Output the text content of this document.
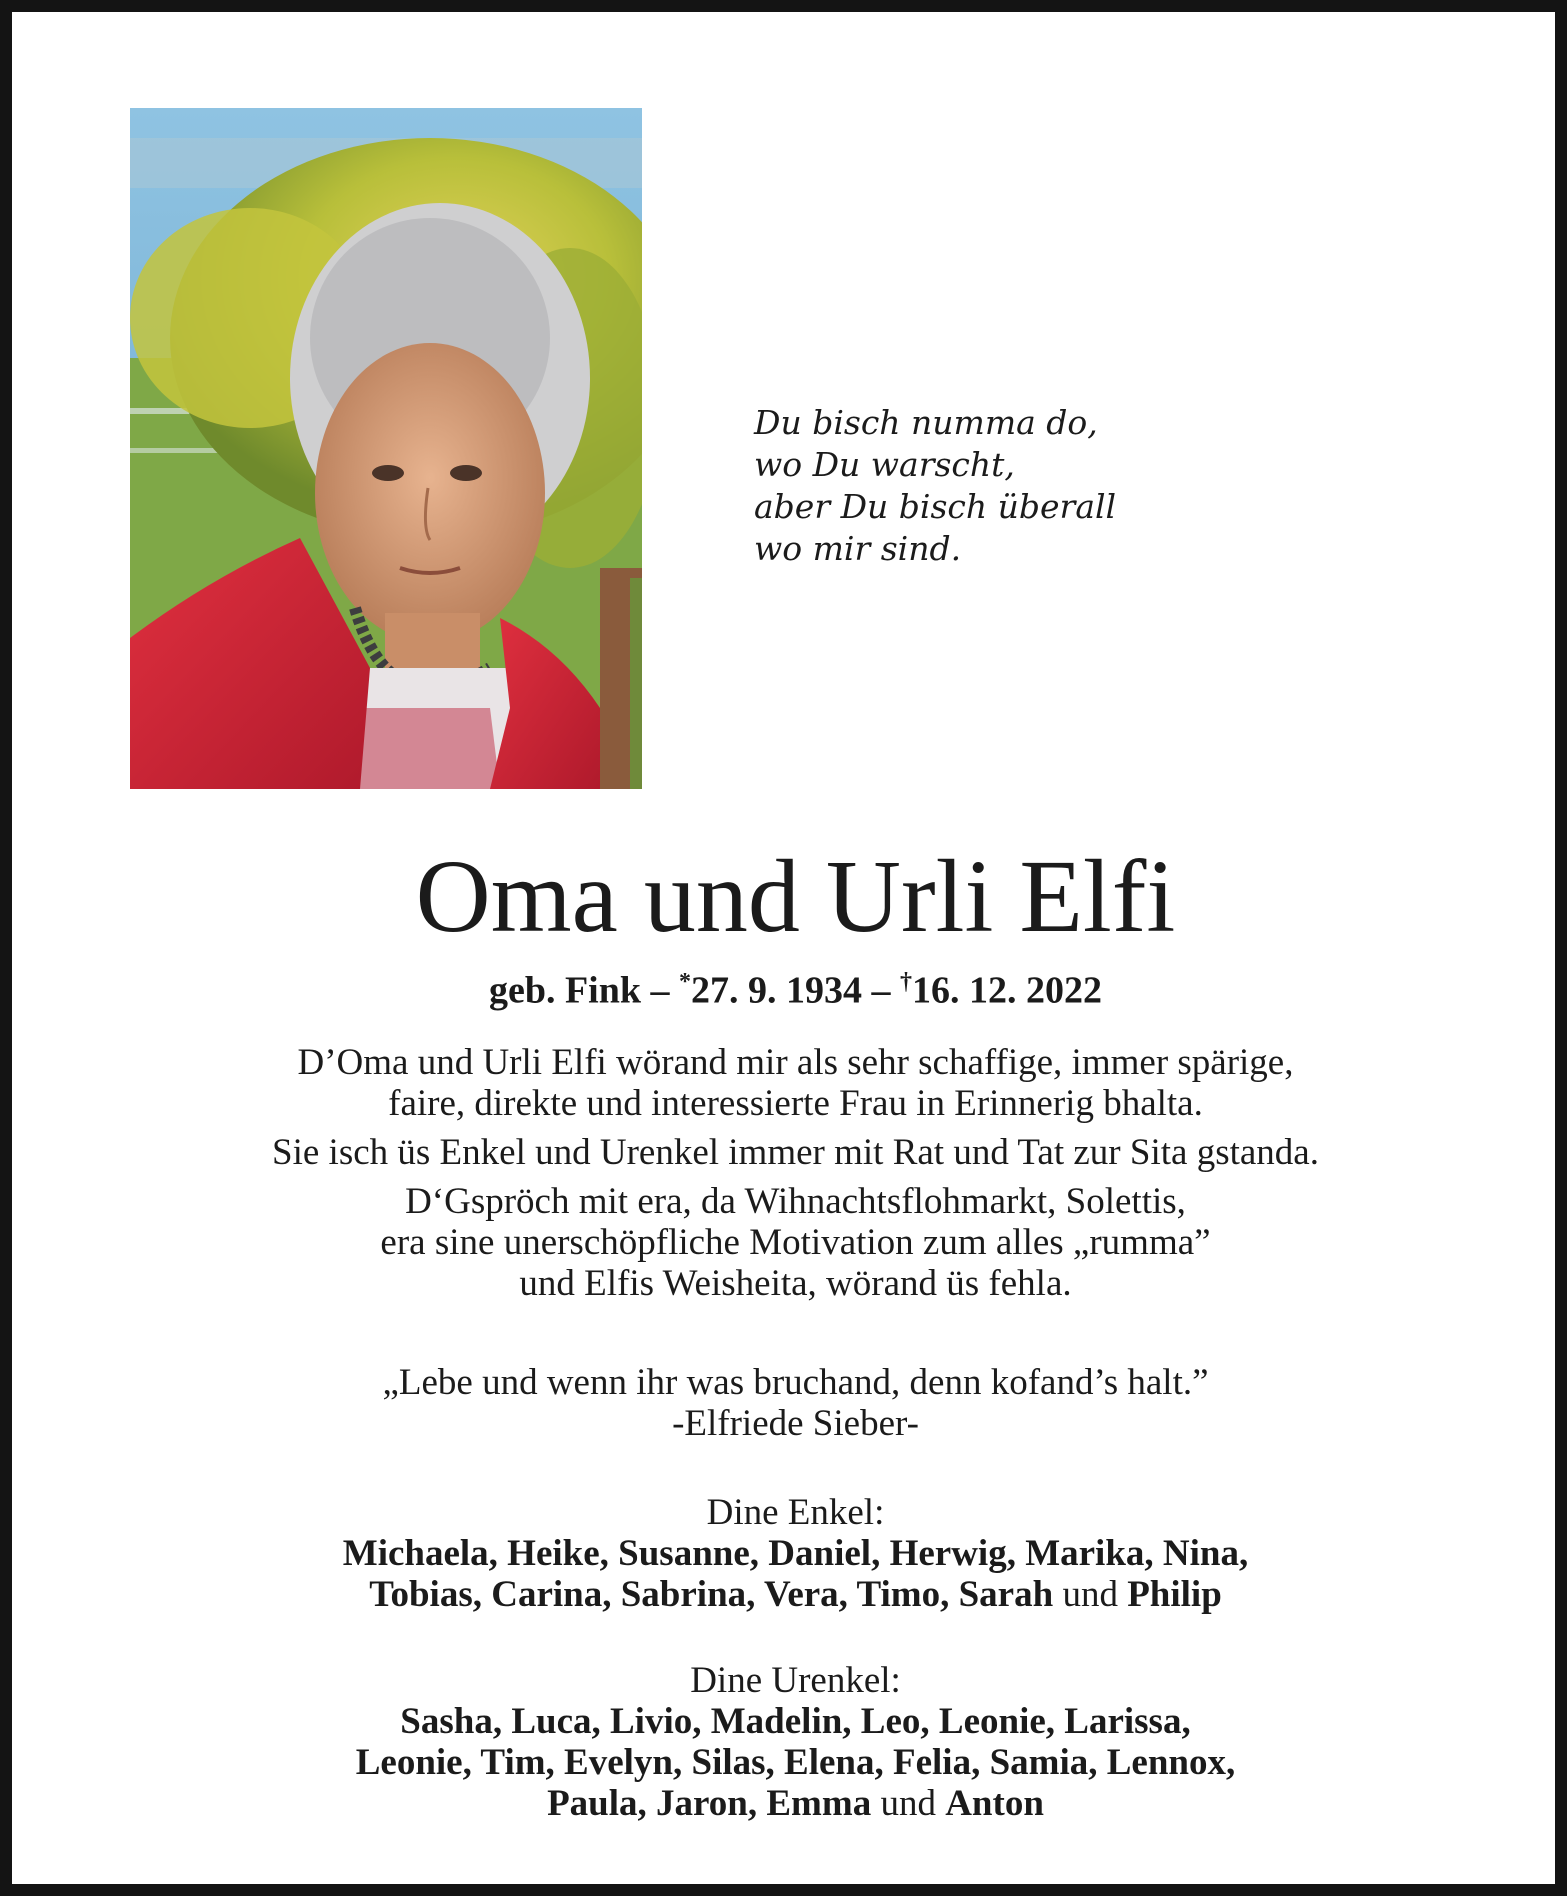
Du bisch numma do,
wo Du warscht,
aber Du bisch überall
wo mir sind.
Oma und Urli Elfi
geb. Fink – *27. 9. 1934 – †16. 12. 2022
D’Oma und Urli Elfi wörand mir als sehr schaffige, immer spärige,
faire, direkte und interessierte Frau in Erinnerig bhalta.
Sie isch üs Enkel und Urenkel immer mit Rat und Tat zur Sita gstanda.
D‘Gspröch mit era, da Wihnachtsflohmarkt, Solettis,
era sine unerschöpfliche Motivation zum alles „rumma”
und Elfis Weisheita, wörand üs fehla.
„Lebe und wenn ihr was bruchand, denn kofand’s halt.”
-Elfriede Sieber-
Dine Enkel:
Michaela, Heike, Susanne, Daniel, Herwig, Marika, Nina,
Tobias, Carina, Sabrina, Vera, Timo, Sarah und Philip
Dine Urenkel:
Sasha, Luca, Livio, Madelin, Leo, Leonie, Larissa,
Leonie, Tim, Evelyn, Silas, Elena, Felia, Samia, Lennox,
Paula, Jaron, Emma und Anton
